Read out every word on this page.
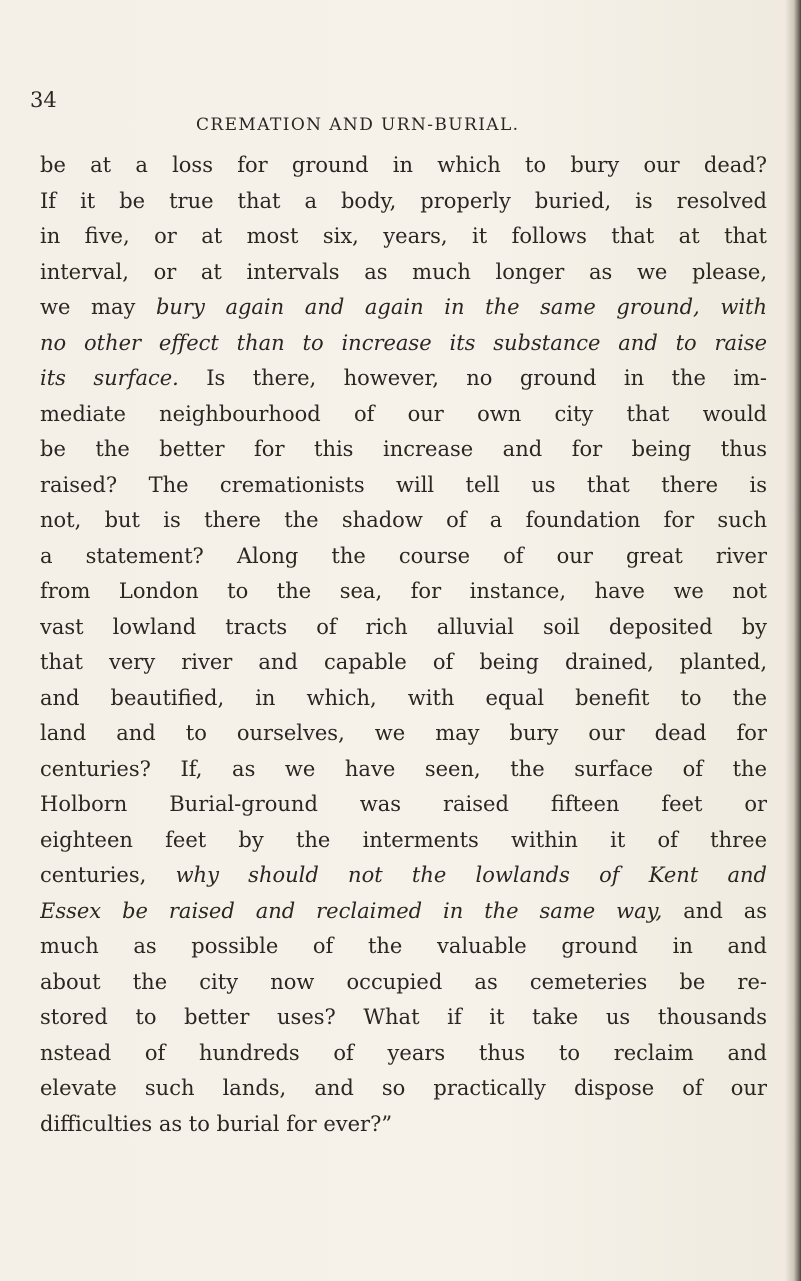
34
CREMATION AND URN-BURIAL.
be at a loss for ground in which to bury our dead?
If it be true that a body, properly buried, is resolved
in five, or at most six, years, it follows that at that
interval, or at intervals as much longer as we please,
we may bury again and again in the same ground, with
no other effect than to increase its substance and to raise
its surface. Is there, however, no ground in the im-
mediate neighbourhood of our own city that would
be the better for this increase and for being thus
raised? The cremationists will tell us that there is
not, but is there the shadow of a foundation for such
a statement? Along the course of our great river
from London to the sea, for instance, have we not
vast lowland tracts of rich alluvial soil deposited by
that very river and capable of being drained, planted,
and beautified, in which, with equal benefit to the
land and to ourselves, we may bury our dead for
centuries? If, as we have seen, the surface of the
Holborn Burial-ground was raised fifteen feet or
eighteen feet by the interments within it of three
centuries, why should not the lowlands of Kent and
Essex be raised and reclaimed in the same way, and as
much as possible of the valuable ground in and
about the city now occupied as cemeteries be re-
stored to better uses? What if it take us thousands
nstead of hundreds of years thus to reclaim and
elevate such lands, and so practically dispose of our
difficulties as to burial for ever?”
